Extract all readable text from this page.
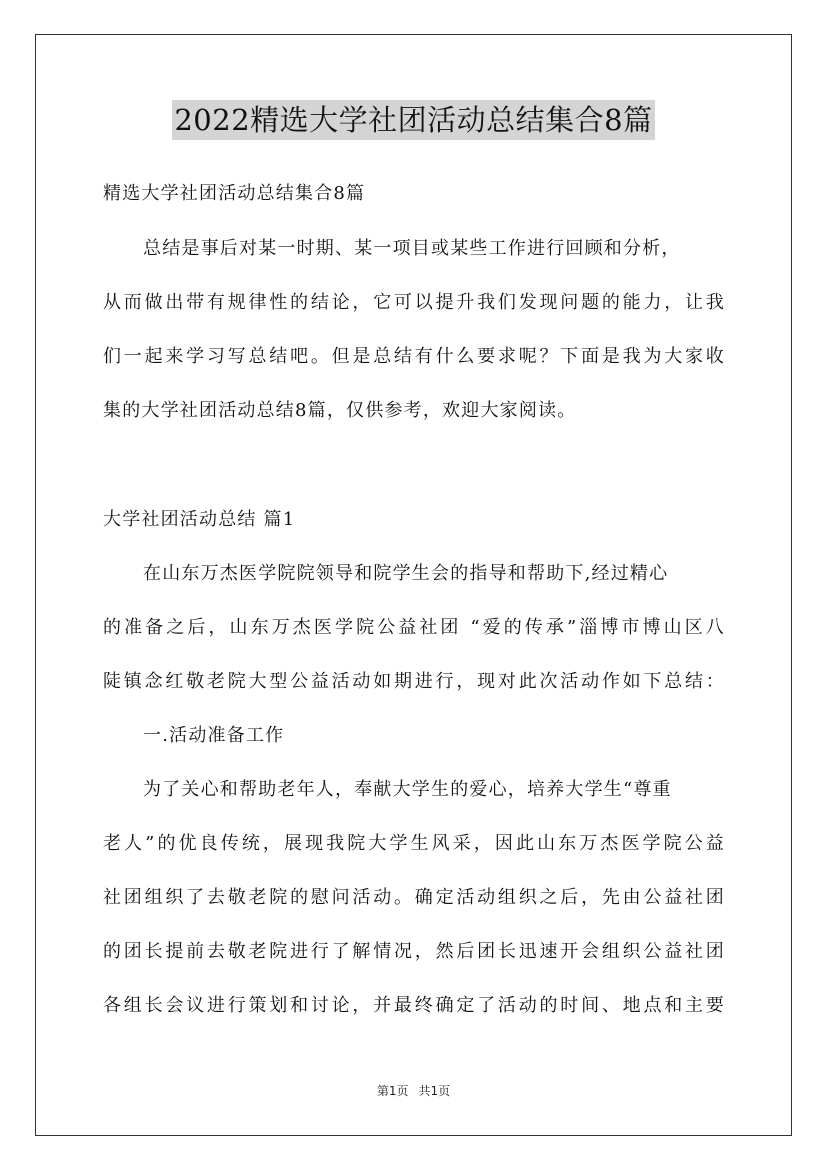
2022精选大学社团活动总结集合8篇
精选大学社团活动总结集合8篇
总结是事后对某一时期、某一项目或某些工作进行回顾和分析，
从而做出带有规律性的结论，它可以提升我们发现问题的能力，让我
们一起来学习写总结吧。但是总结有什么要求呢？下面是我为大家收
集的大学社团活动总结8篇，仅供参考，欢迎大家阅读。
大学社团活动总结 篇1
在山东万杰医学院院领导和院学生会的指导和帮助下,经过精心
的准备之后，山东万杰医学院公益社团 “爱的传承”淄博市博山区八
陡镇念红敬老院大型公益活动如期进行，现对此次活动作如下总结：
一.活动准备工作
为了关心和帮助老年人，奉献大学生的爱心，培养大学生“尊重
老人”的优良传统，展现我院大学生风采，因此山东万杰医学院公益
社团组织了去敬老院的慰问活动。确定活动组织之后，先由公益社团
的团长提前去敬老院进行了解情况，然后团长迅速开会组织公益社团
各组长会议进行策划和讨论，并最终确定了活动的时间、地点和主要
第1页 共1页
